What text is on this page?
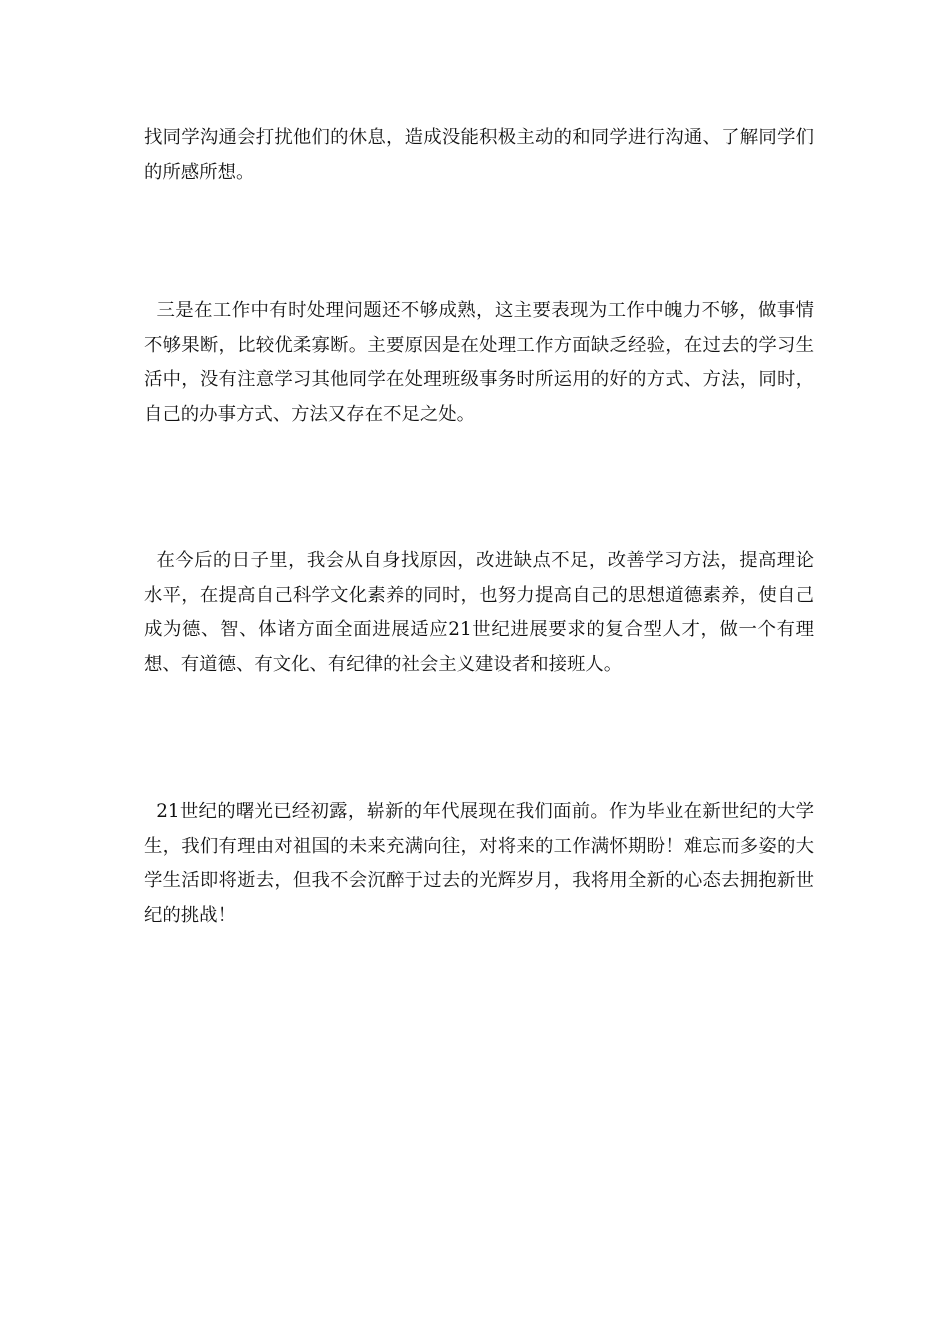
找同学沟通会打扰他们的休息，造成没能积极主动的和同学进行沟通、了解同学们的所感所想。

三是在工作中有时处理问题还不够成熟，这主要表现为工作中魄力不够，做事情不够果断，比较优柔寡断。主要原因是在处理工作方面缺乏经验，在过去的学习生活中，没有注意学习其他同学在处理班级事务时所运用的好的方式、方法，同时，自己的办事方式、方法又存在不足之处。

在今后的日子里，我会从自身找原因，改进缺点不足，改善学习方法，提高理论水平，在提高自己科学文化素养的同时，也努力提高自己的思想道德素养，使自己成为德、智、体诸方面全面进展适应21世纪进展要求的复合型人才，做一个有理想、有道德、有文化、有纪律的社会主义建设者和接班人。

21世纪的曙光已经初露，崭新的年代展现在我们面前。作为毕业在新世纪的大学生，我们有理由对祖国的未来充满向往，对将来的工作满怀期盼！难忘而多姿的大学生活即将逝去，但我不会沉醉于过去的光辉岁月，我将用全新的心态去拥抱新世纪的挑战！
